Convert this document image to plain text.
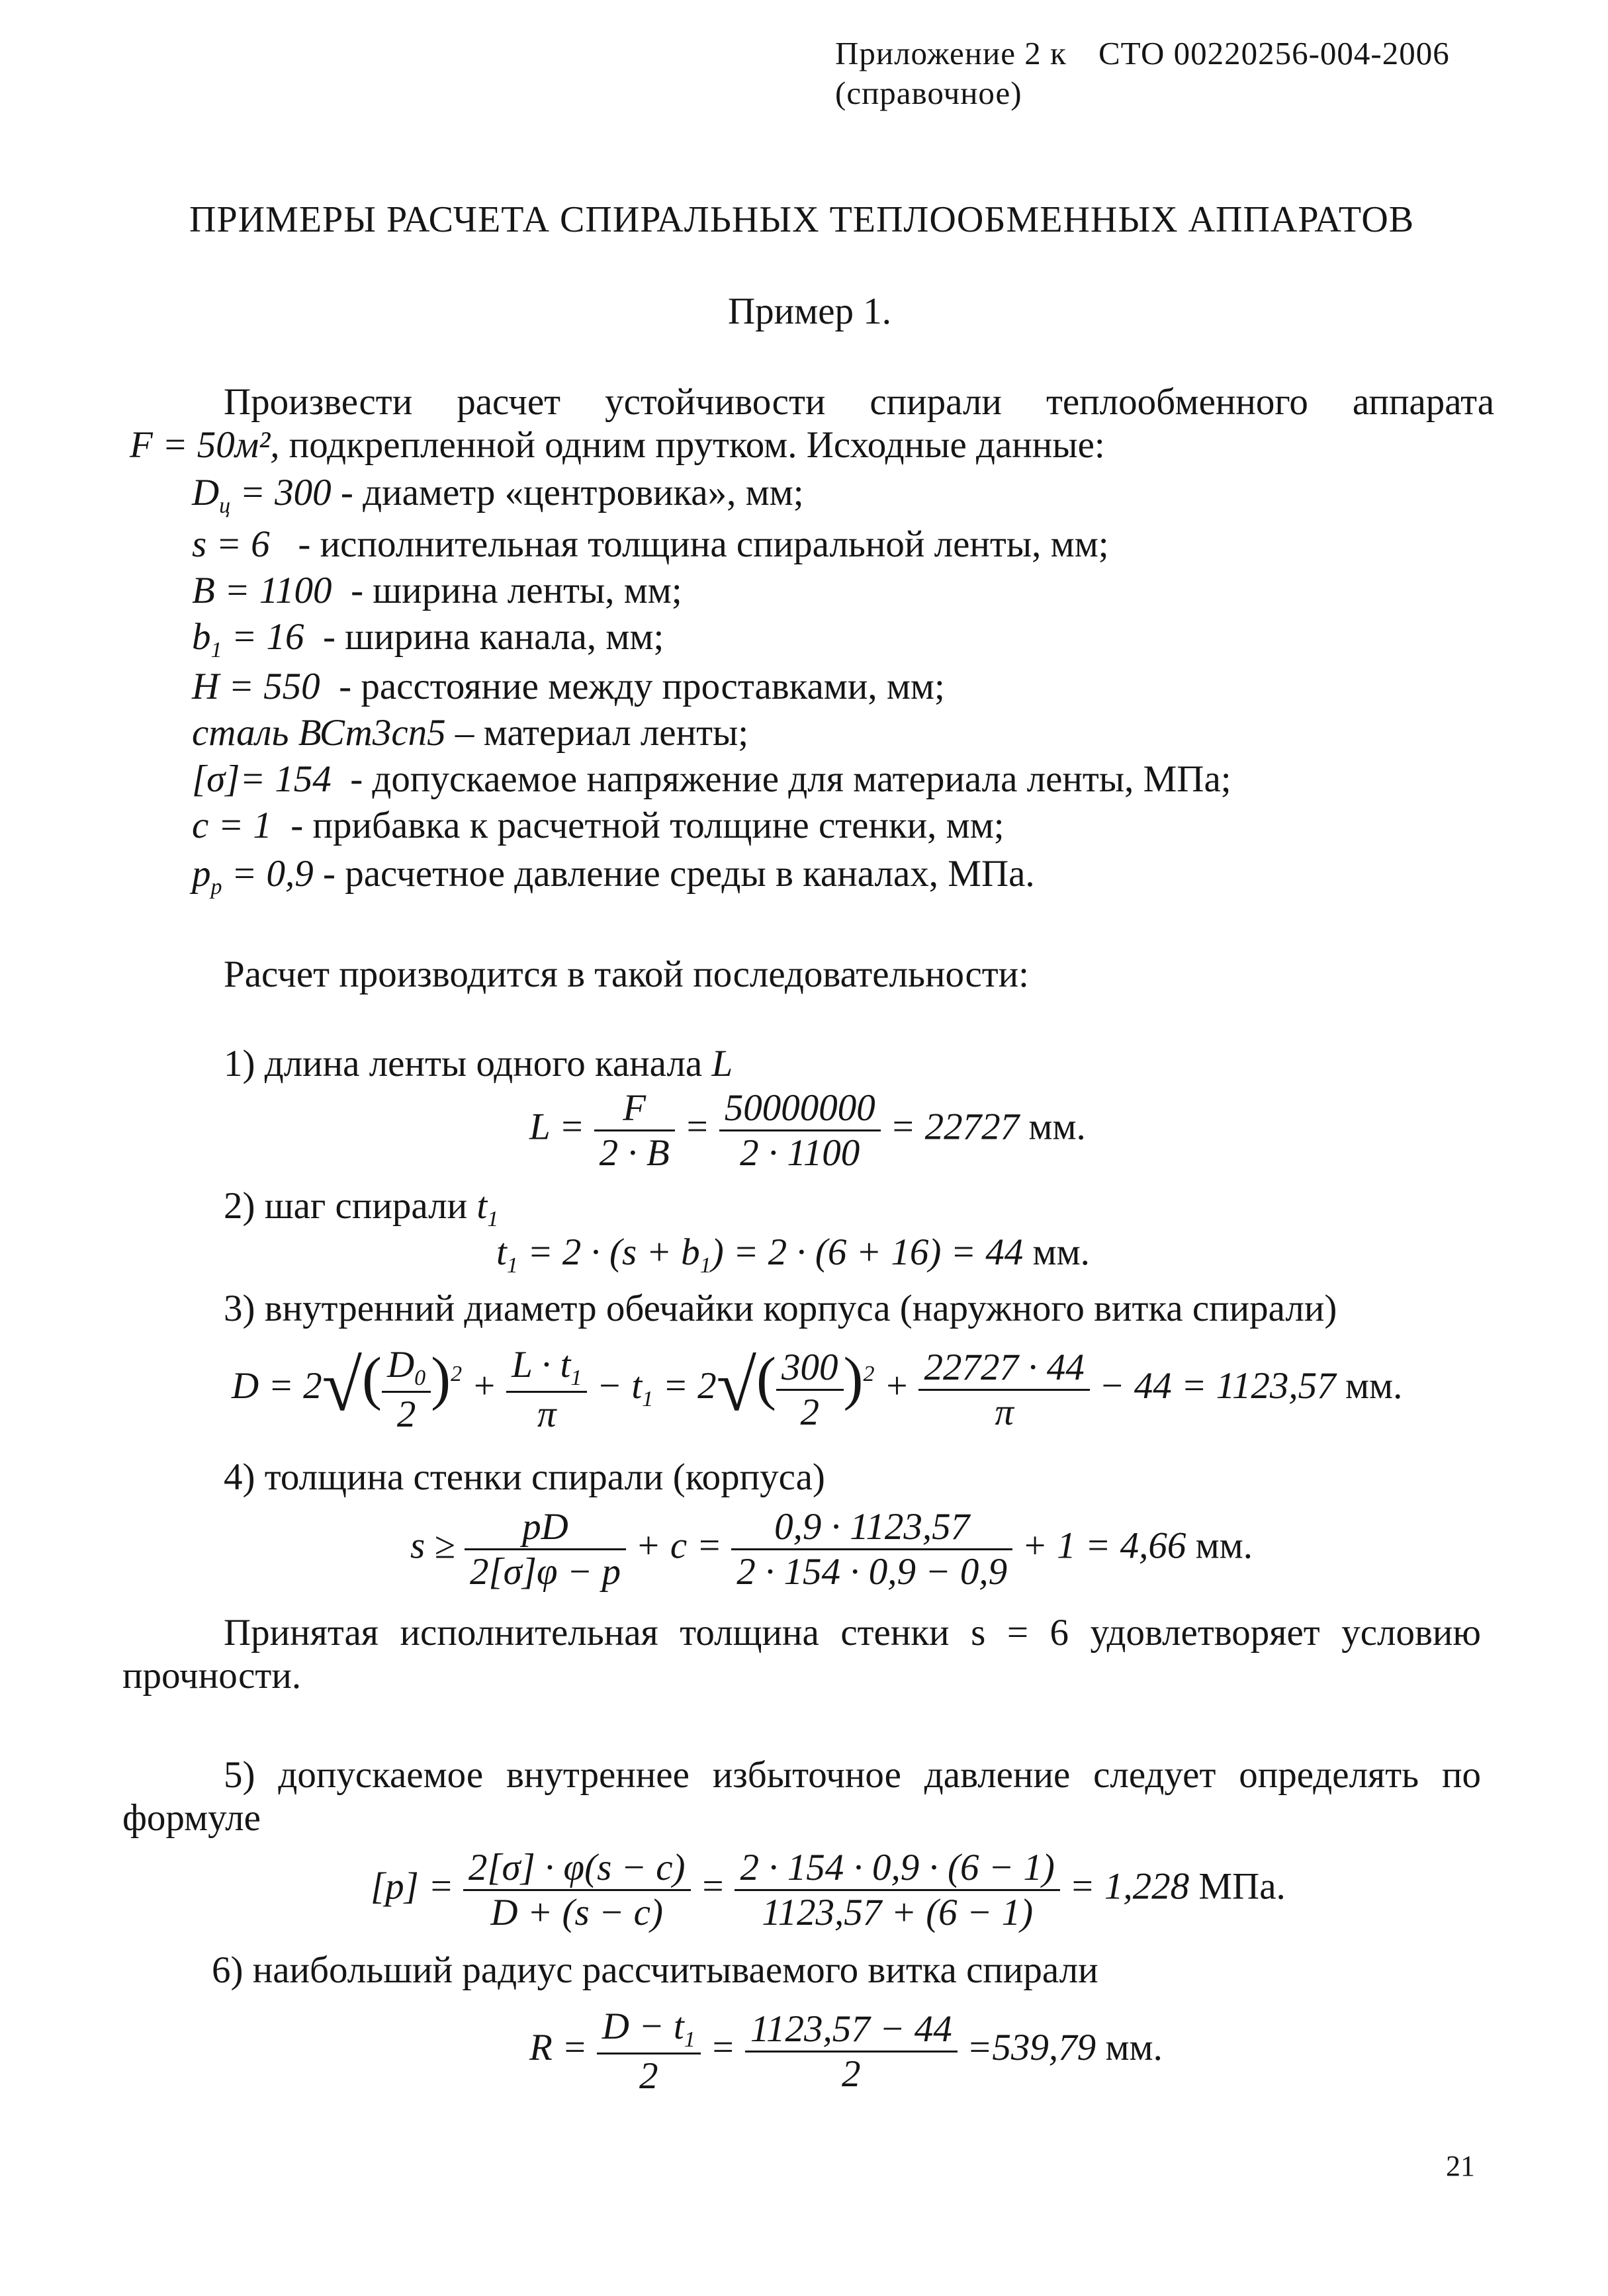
Приложение 2 к СТО 00220256-004-2006
(справочное)
ПРИМЕРЫ РАСЧЕТА СПИРАЛЬНЫХ ТЕПЛООБМЕННЫХ АППАРАТОВ
Пример 1.
Произвести расчет устойчивости спирали теплообменного аппарата
F = 50м², подкрепленной одним прутком. Исходные данные:
$D_ц = 300$ - диаметр «центровика», мм;
s = 6   - исполнительная толщина спиральной ленты, мм;
B = 1100  - ширина ленты, мм;
$b_1 = 16$  - ширина канала, мм;
H = 550  - расстояние между проставками, мм;
сталь ВСт3сп5 – материал ленты;
[σ]= 154  - допускаемое напряжение для материала ленты, МПа;
c = 1  - прибавка к расчетной толщине стенки, мм;
$p_p = 0,9$ - расчетное давление среды в каналах, МПа.
Расчет производится в такой последовательности:
1) длина ленты одного канала L
$L = \frac{F}{2 \cdot B} = \frac{50000000}{2 \cdot 1100} = 22727$ мм.
2) шаг спирали $t_1$
$t_1 = 2 \cdot (s + b_1) = 2 \cdot (6 + 16) = 44$ мм.
3) внутренний диаметр обечайки корпуса (наружного витка спирали)
$D = 2√( \frac{D_0}{2} )^2 + \frac{L \cdot t_1}{\pi} - t_1 = 2√( \frac{300}{2} )^2 + \frac{22727 \cdot 44}{\pi} - 44 = 1123,57$ мм.
4) толщина стенки спирали (корпуса)
$s \ge \frac{pD}{2[\sigma]\varphi - p} + c = \frac{0,9 \cdot 1123,57}{2 \cdot 154 \cdot 0,9 - 0,9} + 1 = 4,66$ мм.
Принятая исполнительная толщина стенки s = 6 удовлетворяет условию
прочности.
5) допускаемое внутреннее избыточное давление следует определять по
формуле
$[p] = \frac{2[\sigma] \cdot \varphi(s - c)}{D + (s - c)} = \frac{2 \cdot 154 \cdot 0,9 \cdot (6 - 1)}{1123,57 + (6 - 1)} = 1,228$ МПа.
6) наибольший радиус рассчитываемого витка спирали
$R = \frac{D - t_1}{2} = \frac{1123,57 - 44}{2} =539,79$ мм.
21
